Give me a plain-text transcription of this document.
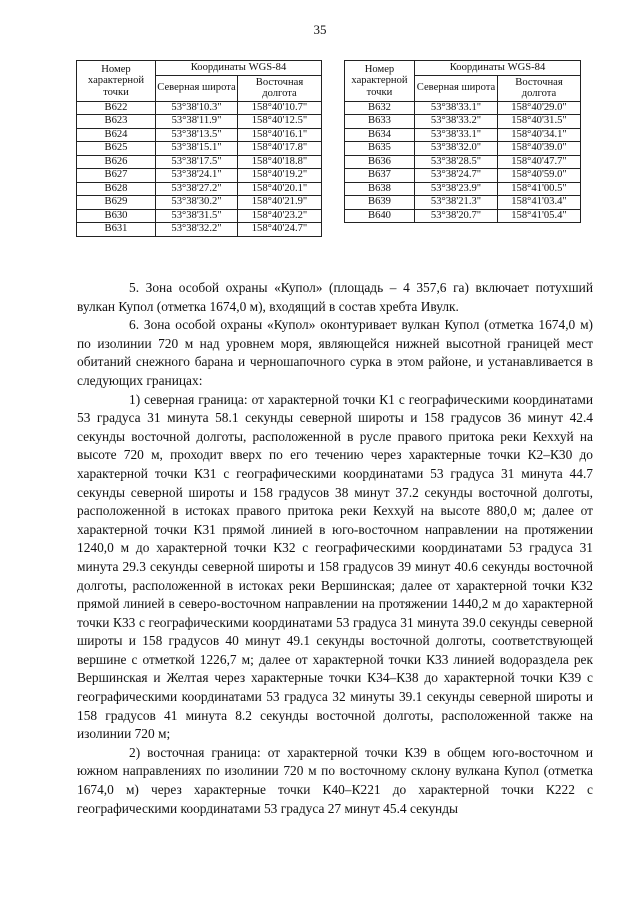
35
Номер характерной точки	Координаты WGS-84	
	Северная широта	Восточная долгота
В622	53°38'10.3"	158°40'10.7"
В623	53°38'11.9"	158°40'12.5"
В624	53°38'13.5"	158°40'16.1"
В625	53°38'15.1"	158°40'17.8"
В626	53°38'17.5"	158°40'18.8"
В627	53°38'24.1"	158°40'19.2"
В628	53°38'27.2"	158°40'20.1"
В629	53°38'30.2"	158°40'21.9"
В630	53°38'31.5"	158°40'23.2"
В631	53°38'32.2"	158°40'24.7"
Номер характерной точки	Координаты WGS-84	
	Северная широта	Восточная долгота
В632	53°38'33.1"	158°40'29.0"
В633	53°38'33.2"	158°40'31.5"
В634	53°38'33.1"	158°40'34.1"
В635	53°38'32.0"	158°40'39.0"
В636	53°38'28.5"	158°40'47.7"
В637	53°38'24.7"	158°40'59.0"
В638	53°38'23.9"	158°41'00.5"
В639	53°38'21.3"	158°41'03.4"
В640	53°38'20.7"	158°41'05.4"

5. Зона особой охраны «Купол» (площадь – 4 357,6 га) включает потухший вулкан Купол (отметка 1674,0 м), входящий в состав хребта Ивулк.

6. Зона особой охраны «Купол» оконтуривает вулкан Купол (отметка 1674,0 м) по изолинии 720 м над уровнем моря, являющейся нижней высотной границей мест обитаний снежного барана и черношапочного сурка в этом районе, и устанавливается в следующих границах:

1) северная граница: от характерной точки К1 с географическими координатами 53 градуса 31 минута 58.1 секунды северной широты и 158 градусов 36 минут 42.4 секунды восточной долготы, расположенной в русле правого притока реки Кеххуй на высоте 720 м, проходит вверх по его течению через характерные точки К2–К30 до характерной точки К31 с географическими координатами 53 градуса 31 минута 44.7 секунды северной широты и 158 градусов 38 минут 37.2 секунды восточной долготы, расположенной в истоках правого притока реки Кеххуй на высоте 880,0 м; далее от характерной точки К31 прямой линией в юго-восточном направлении на протяжении 1240,0 м до характерной точки К32 с географическими координатами 53 градуса 31 минута 29.3 секунды северной широты и 158 градусов 39 минут 40.6 секунды восточной долготы, расположенной в истоках реки Вершинская; далее от характерной точки К32 прямой линией в северо-восточном направлении на протяжении 1440,2 м до характерной точки К33 с географическими координатами 53 градуса 31 минута 39.0 секунды северной широты и 158 градусов 40 минут 49.1 секунды восточной долготы, соответствующей вершине с отметкой 1226,7 м; далее от характерной точки К33 линией водораздела рек Вершинская и Желтая через характерные точки К34–К38 до характерной точки К39 с географическими координатами 53 градуса 32 минуты 39.1 секунды северной широты и 158 градусов 41 минута 8.2 секунды восточной долготы, расположенной также на изолинии 720 м;

2) восточная граница: от характерной точки К39 в общем юго-восточном и южном направлениях по изолинии 720 м по восточному склону вулкана Купол (отметка 1674,0 м) через характерные точки К40–К221 до характерной точки К222 с географическими координатами 53 градуса 27 минут 45.4 секунды
